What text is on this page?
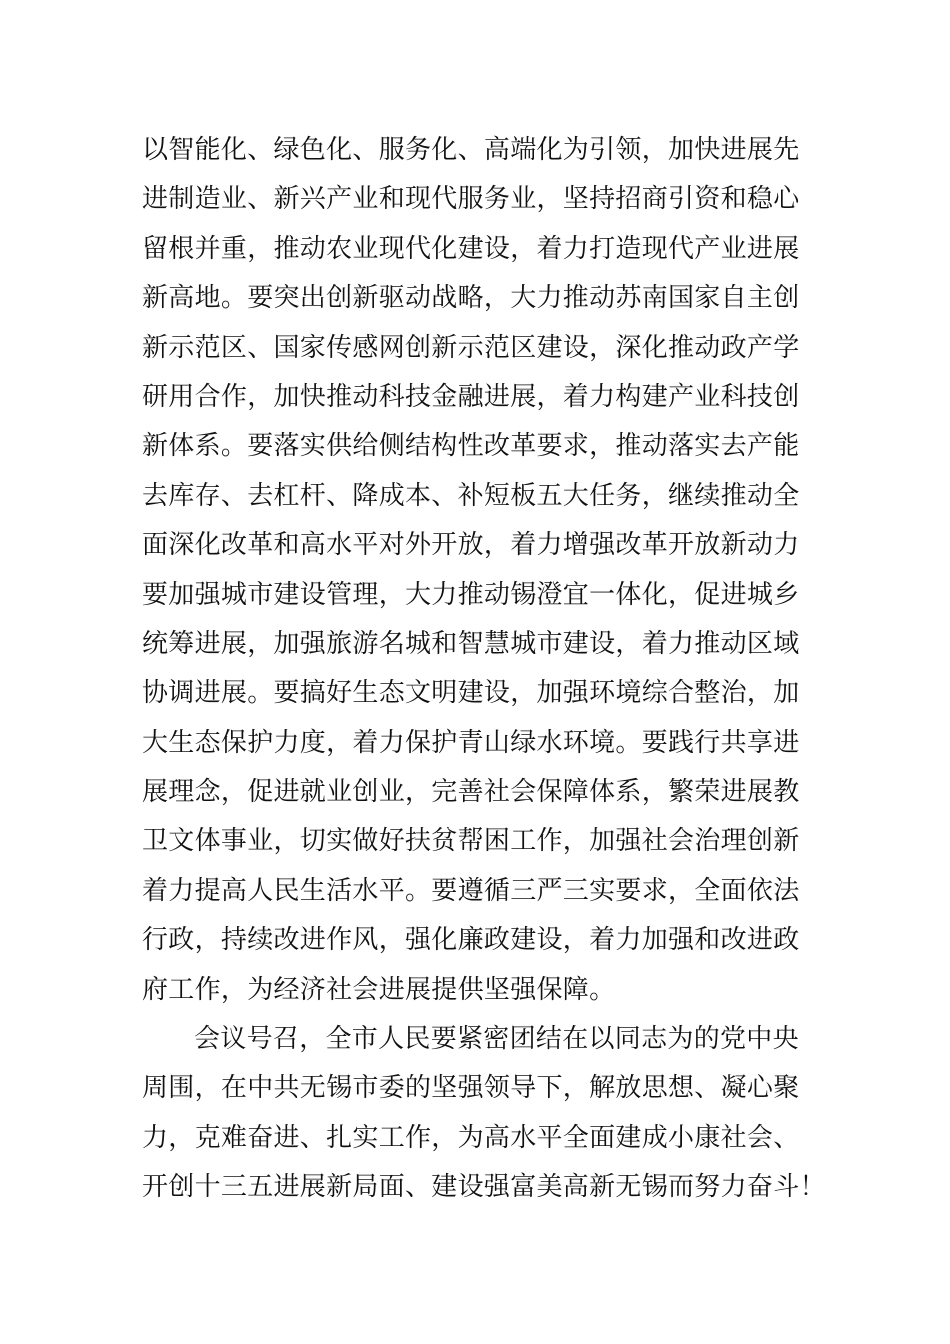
以智能化、绿色化、服务化、高端化为引领，加快进展先
进制造业、新兴产业和现代服务业，坚持招商引资和稳心
留根并重，推动农业现代化建设，着力打造现代产业进展
新高地。要突出创新驱动战略，大力推动苏南国家自主创
新示范区、国家传感网创新示范区建设，深化推动政产学
研用合作，加快推动科技金融进展，着力构建产业科技创
新体系。要落实供给侧结构性改革要求，推动落实去产能
去库存、去杠杆、降成本、补短板五大任务，继续推动全
面深化改革和高水平对外开放，着力增强改革开放新动力
要加强城市建设管理，大力推动锡澄宜一体化，促进城乡
统筹进展，加强旅游名城和智慧城市建设，着力推动区域
协调进展。要搞好生态文明建设，加强环境综合整治，加
大生态保护力度，着力保护青山绿水环境。要践行共享进
展理念，促进就业创业，完善社会保障体系，繁荣进展教
卫文体事业，切实做好扶贫帮困工作，加强社会治理创新
着力提高人民生活水平。要遵循三严三实要求，全面依法
行政，持续改进作风，强化廉政建设，着力加强和改进政
府工作，为经济社会进展提供坚强保障。
会议号召，全市人民要紧密团结在以同志为的党中央
周围，在中共无锡市委的坚强领导下，解放思想、凝心聚
力，克难奋进、扎实工作，为高水平全面建成小康社会、
开创十三五进展新局面、建设强富美高新无锡而努力奋斗！
